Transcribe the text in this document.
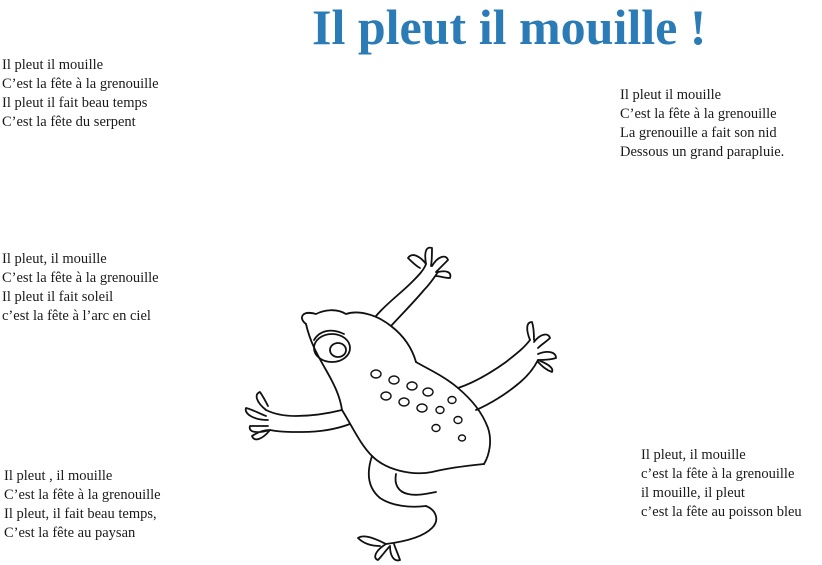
Il pleut il mouille !
Il pleut il mouille
C’est la fête à la grenouille
Il pleut il fait beau temps
C’est la fête du serpent
Il pleut il mouille
C’est la fête à la grenouille
La grenouille a fait son nid
Dessous un grand parapluie.
Il pleut, il mouille
C’est la fête à la grenouille
Il pleut il fait soleil
c’est la fête à l’arc en ciel
Il pleut , il mouille
C’est la fête à la grenouille
Il pleut, il fait beau temps,
C’est la fête au paysan
Il pleut, il mouille
c’est la fête à la grenouille
il mouille, il pleut
c’est la fête au poisson bleu
